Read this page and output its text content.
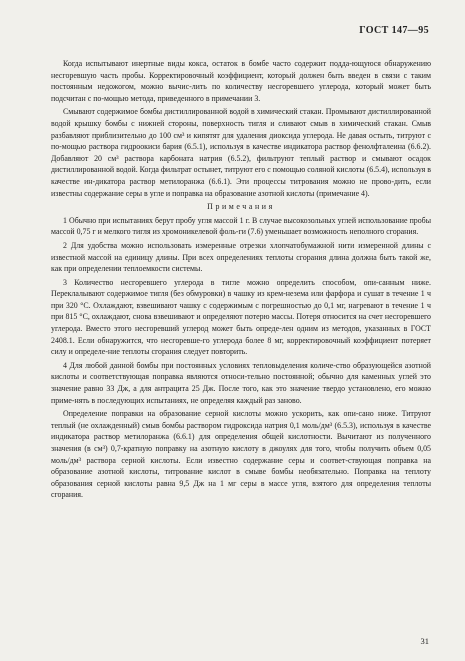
ГОСТ 147—95

Когда испытывают инертные виды кокса, остаток в бомбе часто содержит подда-ющуюся обнаружению несгоревшую часть пробы. Корректировочный коэффициент, который должен быть введен в связи с таким постоянным недожогом, можно вычис-лить по количеству несгоревшего углерода, который может быть подсчитан с по-мощью метода, приведенного в примечании 3.

Смывают содержимое бомбы дистиллированной водой в химический стакан. Промывают дистиллированной водой крышку бомбы с нижней стороны, поверхность тигля и сливают смыв в химический стакан. Смыв разбавляют приблизительно до 100 см³ и кипятят для удаления диоксида углерода. Не давая остыть, титруют с по-мощью раствора гидроокиси бария (6.5.1), используя в качестве индикатора раствор фенолфталеина (6.6.2). Добавляют 20 см³ раствора карбоната натрия (6.5.2), фильтруют теплый раствор и смывают осадок дистиллированной водой. Когда фильтрат остынет, титруют его с помощью соляной кислоты (6.5.4), используя в качестве ин-дикатора раствор метилоранжа (6.6.1). Эти процессы титрования можно не прово-дить, если известны содержание серы в угле и поправка на образование азотной кислоты (примечание 4).

Примечания

1 Обычно при испытаниях берут пробу угля массой 1 г. В случае высокозольных углей использование пробы массой 0,75 г и мелкого тигля из хромоникелевой фоль-ги (7.6) уменьшает возможность неполного сгорания.

2 Для удобства можно использовать измеренные отрезки хлопчатобумажной нити измеренной длины с известной массой на единицу длины. При всех определениях теплоты сгорания длина должна быть такой же, как при определении теплоемкости системы.

3 Количество несгоревшего углерода в тигле можно определить способом, опи-санным ниже. Переклалывают содержимое тигля (без обмуровки) в чашку из крем-незема или фарфора и сушат в течение 1 ч при 320 °С. Охлаждают, взвешивают чашку с содержимым с погрешностью до 0,1 мг, нагревают в течение 1 ч при 815 °С, охлаждают, снова взвешивают и определяют потерю массы. Потеря относится на счет несгоревшего углерода. Вместо этого несгоревший углерод может быть опреде-лен одним из методов, указанных в ГОСТ 2408.1. Если обнаружится, что несгоревше-го углерода более 8 мг, корректировочный коэффициент потеряет силу и определе-ние теплоты сгорания следует повторить.

4 Для любой данной бомбы при постоянных условиях тепловыделения количе-ство образующейся азотной кислоты и соответствующая поправка являются относи-тельно постоянной; обычно для каменных углей это значение равно 33 Дж, а для антрацита 25 Дж. После того, как это значение твердо установлено, его можно приме-нять в последующих испытаниях, не определяя каждый раз заново.

Определение поправки на образование серной кислоты можно ускорить, как опи-сано ниже. Титруют теплый (не охлажденный) смыв бомбы раствором гидроксида натрия 0,1 моль/дм³ (6.5.3), используя в качестве индикатора раствор метилоранжа (6.6.1) для определения общей кислотности. Вычитают из полученного значения (в см³) 0,7-кратную поправку на азотную кислоту в джоулях для того, чтобы получить объем 0,05 моль/дм³ раствора серной кислоты. Если известно содержание серы и соответ-ствующая поправка на образование азотной кислоты, титрование кислот в смыве бомбы необязательно. Поправка на теплоту образования серной кислоты равна 9,5 Дж на 1 мг серы в массе угля, взятого для определения теплоты сгорания.

31
